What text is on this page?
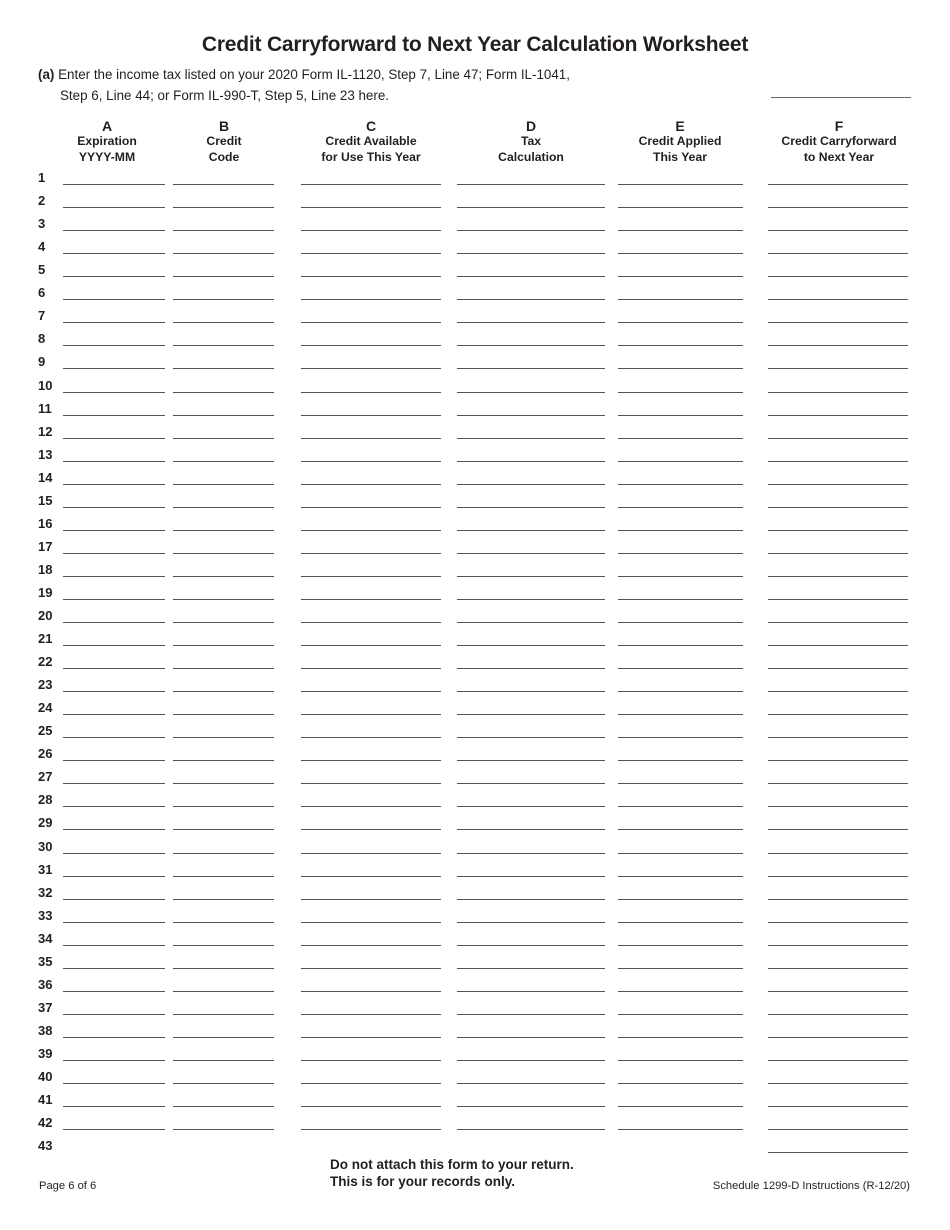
Credit Carryforward to Next Year Calculation Worksheet
(a) Enter the income tax listed on your 2020 Form IL-1120, Step 7, Line 47; Form IL-1041,
Step 6, Line 44; or Form IL-990-T, Step 5, Line 23 here.
A
Expiration
YYYY-MM
B
Credit
Code
C
Credit Available
for Use This Year
D
Tax
Calculation
E
Credit Applied
This Year
F
Credit Carryforward
to Next Year
1
2
3
4
5
6
7
8
9
10
11
12
13
14
15
16
17
18
19
20
21
22
23
24
25
26
27
28
29
30
31
32
33
34
35
36
37
38
39
40
41
42
43
Do not attach this form to your return.
This is for your records only.
Page 6 of 6	Schedule 1299-D Instructions (R-12/20)
